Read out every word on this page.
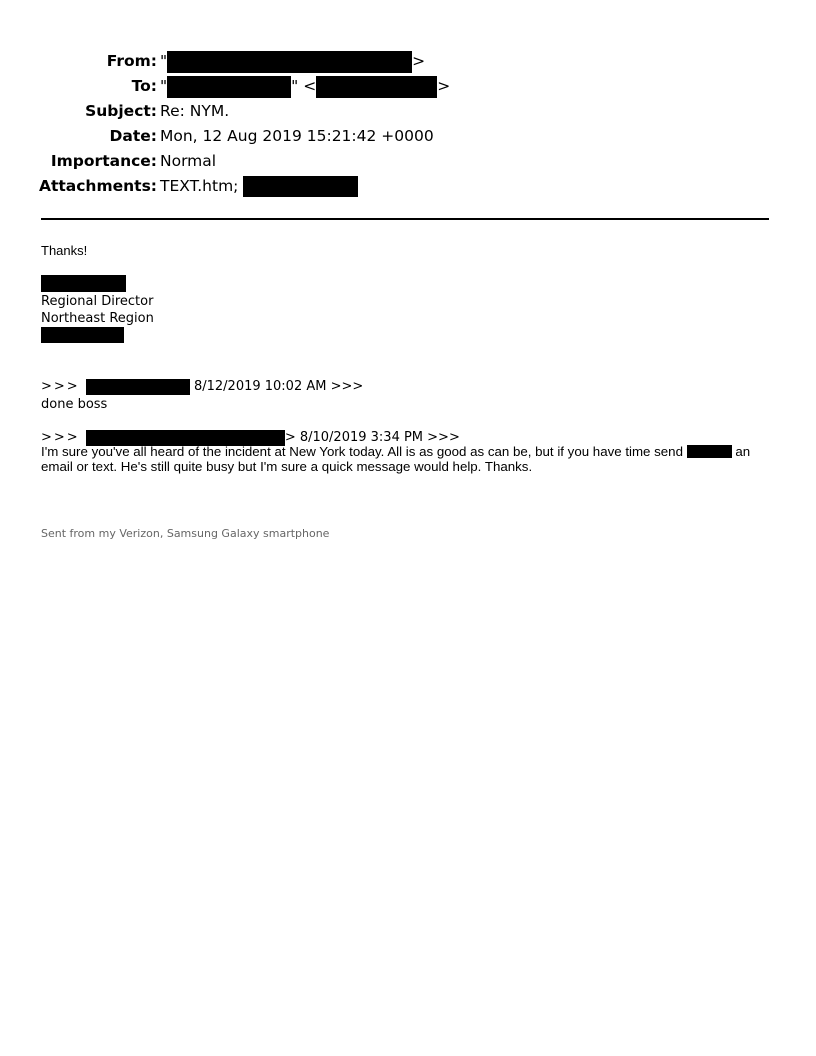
From: "	>
To: "	" <	>
Subject: Re: NYM.
Date: Mon, 12 Aug 2019 15:21:42 +0000
Importance: Normal
Attachments: TEXT.htm;
Thanks!
Regional Director
Northeast Region
>>>	8/12/2019 10:02 AM >>>
done boss
>>>	> 8/10/2019 3:34 PM >>>
I'm sure you've all heard of the incident at New York today. All is as good as can be, but if you have time send	an email or text. He's still quite busy but I'm sure a quick message would help. Thanks.
Sent from my Verizon, Samsung Galaxy smartphone
